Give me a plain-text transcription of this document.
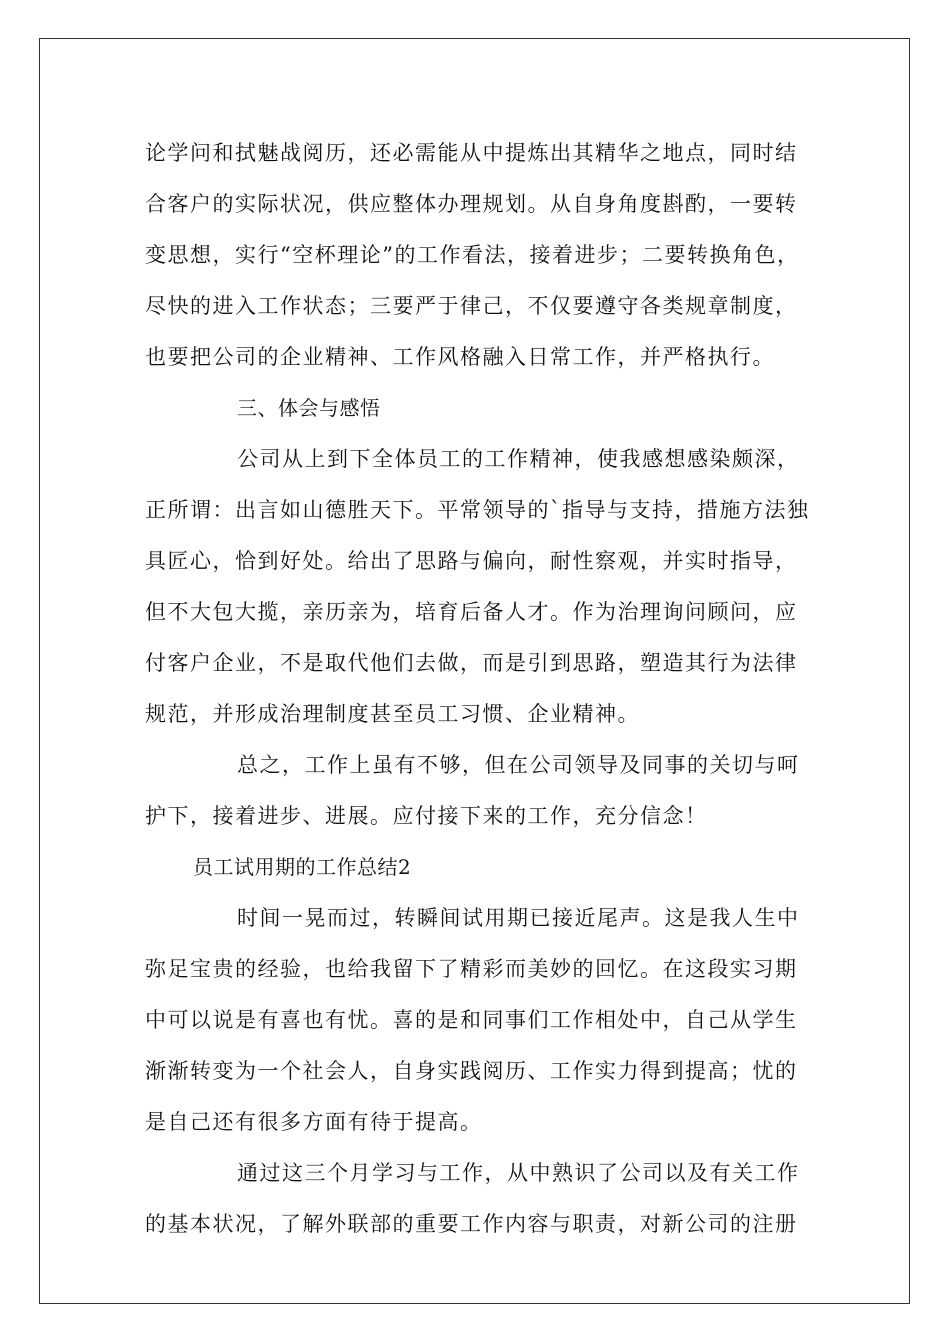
论学问和拭魅战阅历，还必需能从中提炼出其精华之地点，同时结
合客户的实际状况，供应整体办理规划。从自身角度斟酌，一要转
变思想，实行“空杯理论”的工作看法，接着进步；二要转换角色，
尽快的进入工作状态；三要严于律己，不仅要遵守各类规章制度，
也要把公司的企业精神、工作风格融入日常工作，并严格执行。
三、体会与感悟
公司从上到下全体员工的工作精神，使我感想感染颇深，
正所谓：出言如山德胜天下。平常领导的`指导与支持，措施方法独
具匠心，恰到好处。给出了思路与偏向，耐性察观，并实时指导，
但不大包大揽，亲历亲为，培育后备人才。作为治理询问顾问，应
付客户企业，不是取代他们去做，而是引到思路，塑造其行为法律
规范，并形成治理制度甚至员工习惯、企业精神。
总之，工作上虽有不够，但在公司领导及同事的关切与呵
护下，接着进步、进展。应付接下来的工作，充分信念！
员工试用期的工作总结2
时间一晃而过，转瞬间试用期已接近尾声。这是我人生中
弥足宝贵的经验，也给我留下了精彩而美妙的回忆。在这段实习期
中可以说是有喜也有忧。喜的是和同事们工作相处中，自己从学生
渐渐转变为一个社会人，自身实践阅历、工作实力得到提高；忧的
是自己还有很多方面有待于提高。
通过这三个月学习与工作，从中熟识了公司以及有关工作
的基本状况，了解外联部的重要工作内容与职责，对新公司的注册
